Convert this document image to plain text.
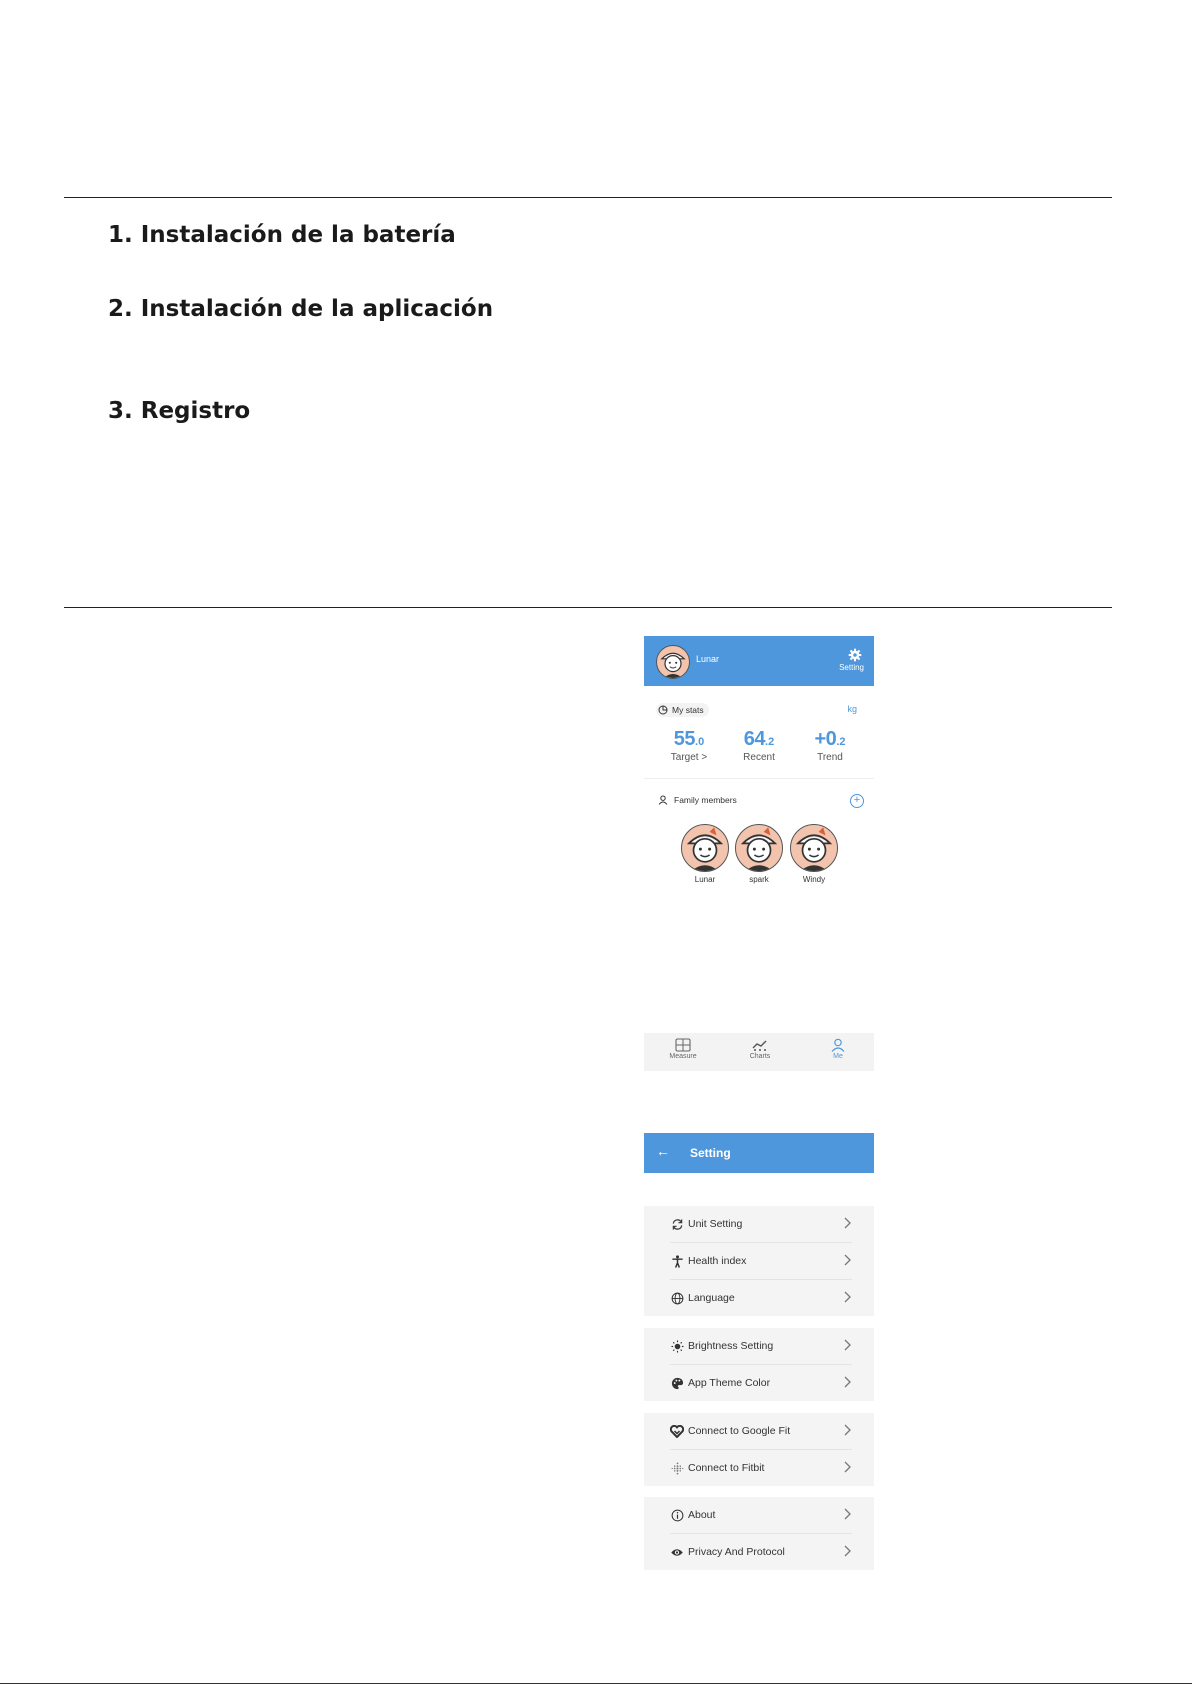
1. Instalación de la batería
2. Instalación de la aplicación
3. Registro
Lunar
Setting
My stats	kg
55.0
Target >
64.2
Recent
+0.2
Trend
Family members	+
Lunar	spark	Windy
Measure	Charts	Me
← Setting
Unit Setting
Health index
Language
Brightness Setting
App Theme Color
Connect to Google Fit
Connect to Fitbit
About
Privacy And Protocol
